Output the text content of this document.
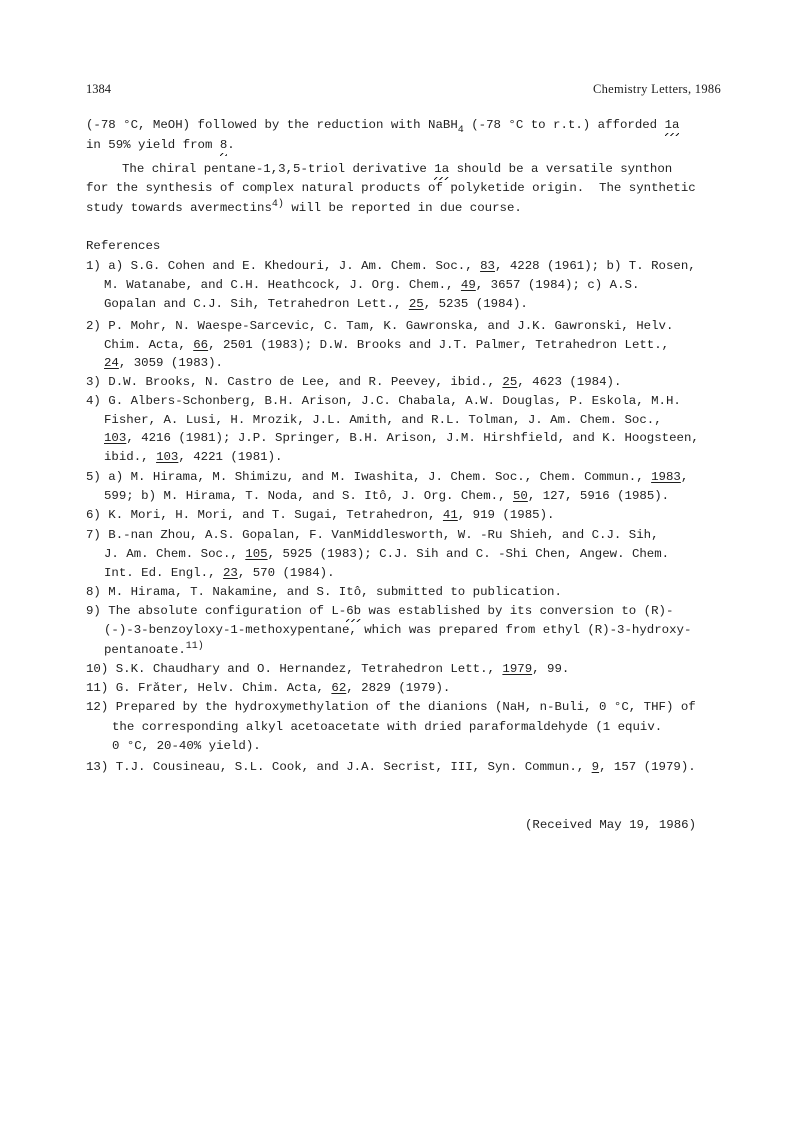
1384	Chemistry Letters, 1986
(-78 °C, MeOH) followed by the reduction with NaBH$_4$ (-78 °C to r.t.) afforded 1a
in 59% yield from 8.
The chiral pentane-1,3,5-triol derivative 1a should be a versatile synthon
for the synthesis of complex natural products of polyketide origin.  The synthetic
study towards avermectins$^{4)}$ will be reported in due course.
References
1) a) S.G. Cohen and E. Khedouri, J. Am. Chem. Soc., 83, 4228 (1961); b) T. Rosen,
M. Watanabe, and C.H. Heathcock, J. Org. Chem., 49, 3657 (1984); c) A.S.
Gopalan and C.J. Sih, Tetrahedron Lett., 25, 5235 (1984).
2) P. Mohr, N. Waespe-Sarcevic, C. Tam, K. Gawronska, and J.K. Gawronski, Helv.
Chim. Acta, 66, 2501 (1983); D.W. Brooks and J.T. Palmer, Tetrahedron Lett.,
24, 3059 (1983).
3) D.W. Brooks, N. Castro de Lee, and R. Peevey, ibid., 25, 4623 (1984).
4) G. Albers-Schonberg, B.H. Arison, J.C. Chabala, A.W. Douglas, P. Eskola, M.H.
Fisher, A. Lusi, H. Mrozik, J.L. Amith, and R.L. Tolman, J. Am. Chem. Soc.,
103, 4216 (1981); J.P. Springer, B.H. Arison, J.M. Hirshfield, and K. Hoogsteen,
ibid., 103, 4221 (1981).
5) a) M. Hirama, M. Shimizu, and M. Iwashita, J. Chem. Soc., Chem. Commun., 1983,
599; b) M. Hirama, T. Noda, and S. Itô, J. Org. Chem., 50, 127, 5916 (1985).
6) K. Mori, H. Mori, and T. Sugai, Tetrahedron, 41, 919 (1985).
7) B.-nan Zhou, A.S. Gopalan, F. VanMiddlesworth, W. -Ru Shieh, and C.J. Sih,
J. Am. Chem. Soc., 105, 5925 (1983); C.J. Sih and C. -Shi Chen, Angew. Chem.
Int. Ed. Engl., 23, 570 (1984).
8) M. Hirama, T. Nakamine, and S. Itô, submitted to publication.
9) The absolute configuration of L-6b was established by its conversion to (R)-
(-)-3-benzoyloxy-1-methoxypentane, which was prepared from ethyl (R)-3-hydroxy-
pentanoate.$^{11)}$
10) S.K. Chaudhary and O. Hernandez, Tetrahedron Lett., 1979, 99.
11) G. Frăter, Helv. Chim. Acta, 62, 2829 (1979).
12) Prepared by the hydroxymethylation of the dianions (NaH, n-Buli, 0 °C, THF) of
the corresponding alkyl acetoacetate with dried paraformaldehyde (1 equiv.
0 °C, 20-40% yield).
13) T.J. Cousineau, S.L. Cook, and J.A. Secrist, III, Syn. Commun., 9, 157 (1979).
(Received May 19, 1986)
